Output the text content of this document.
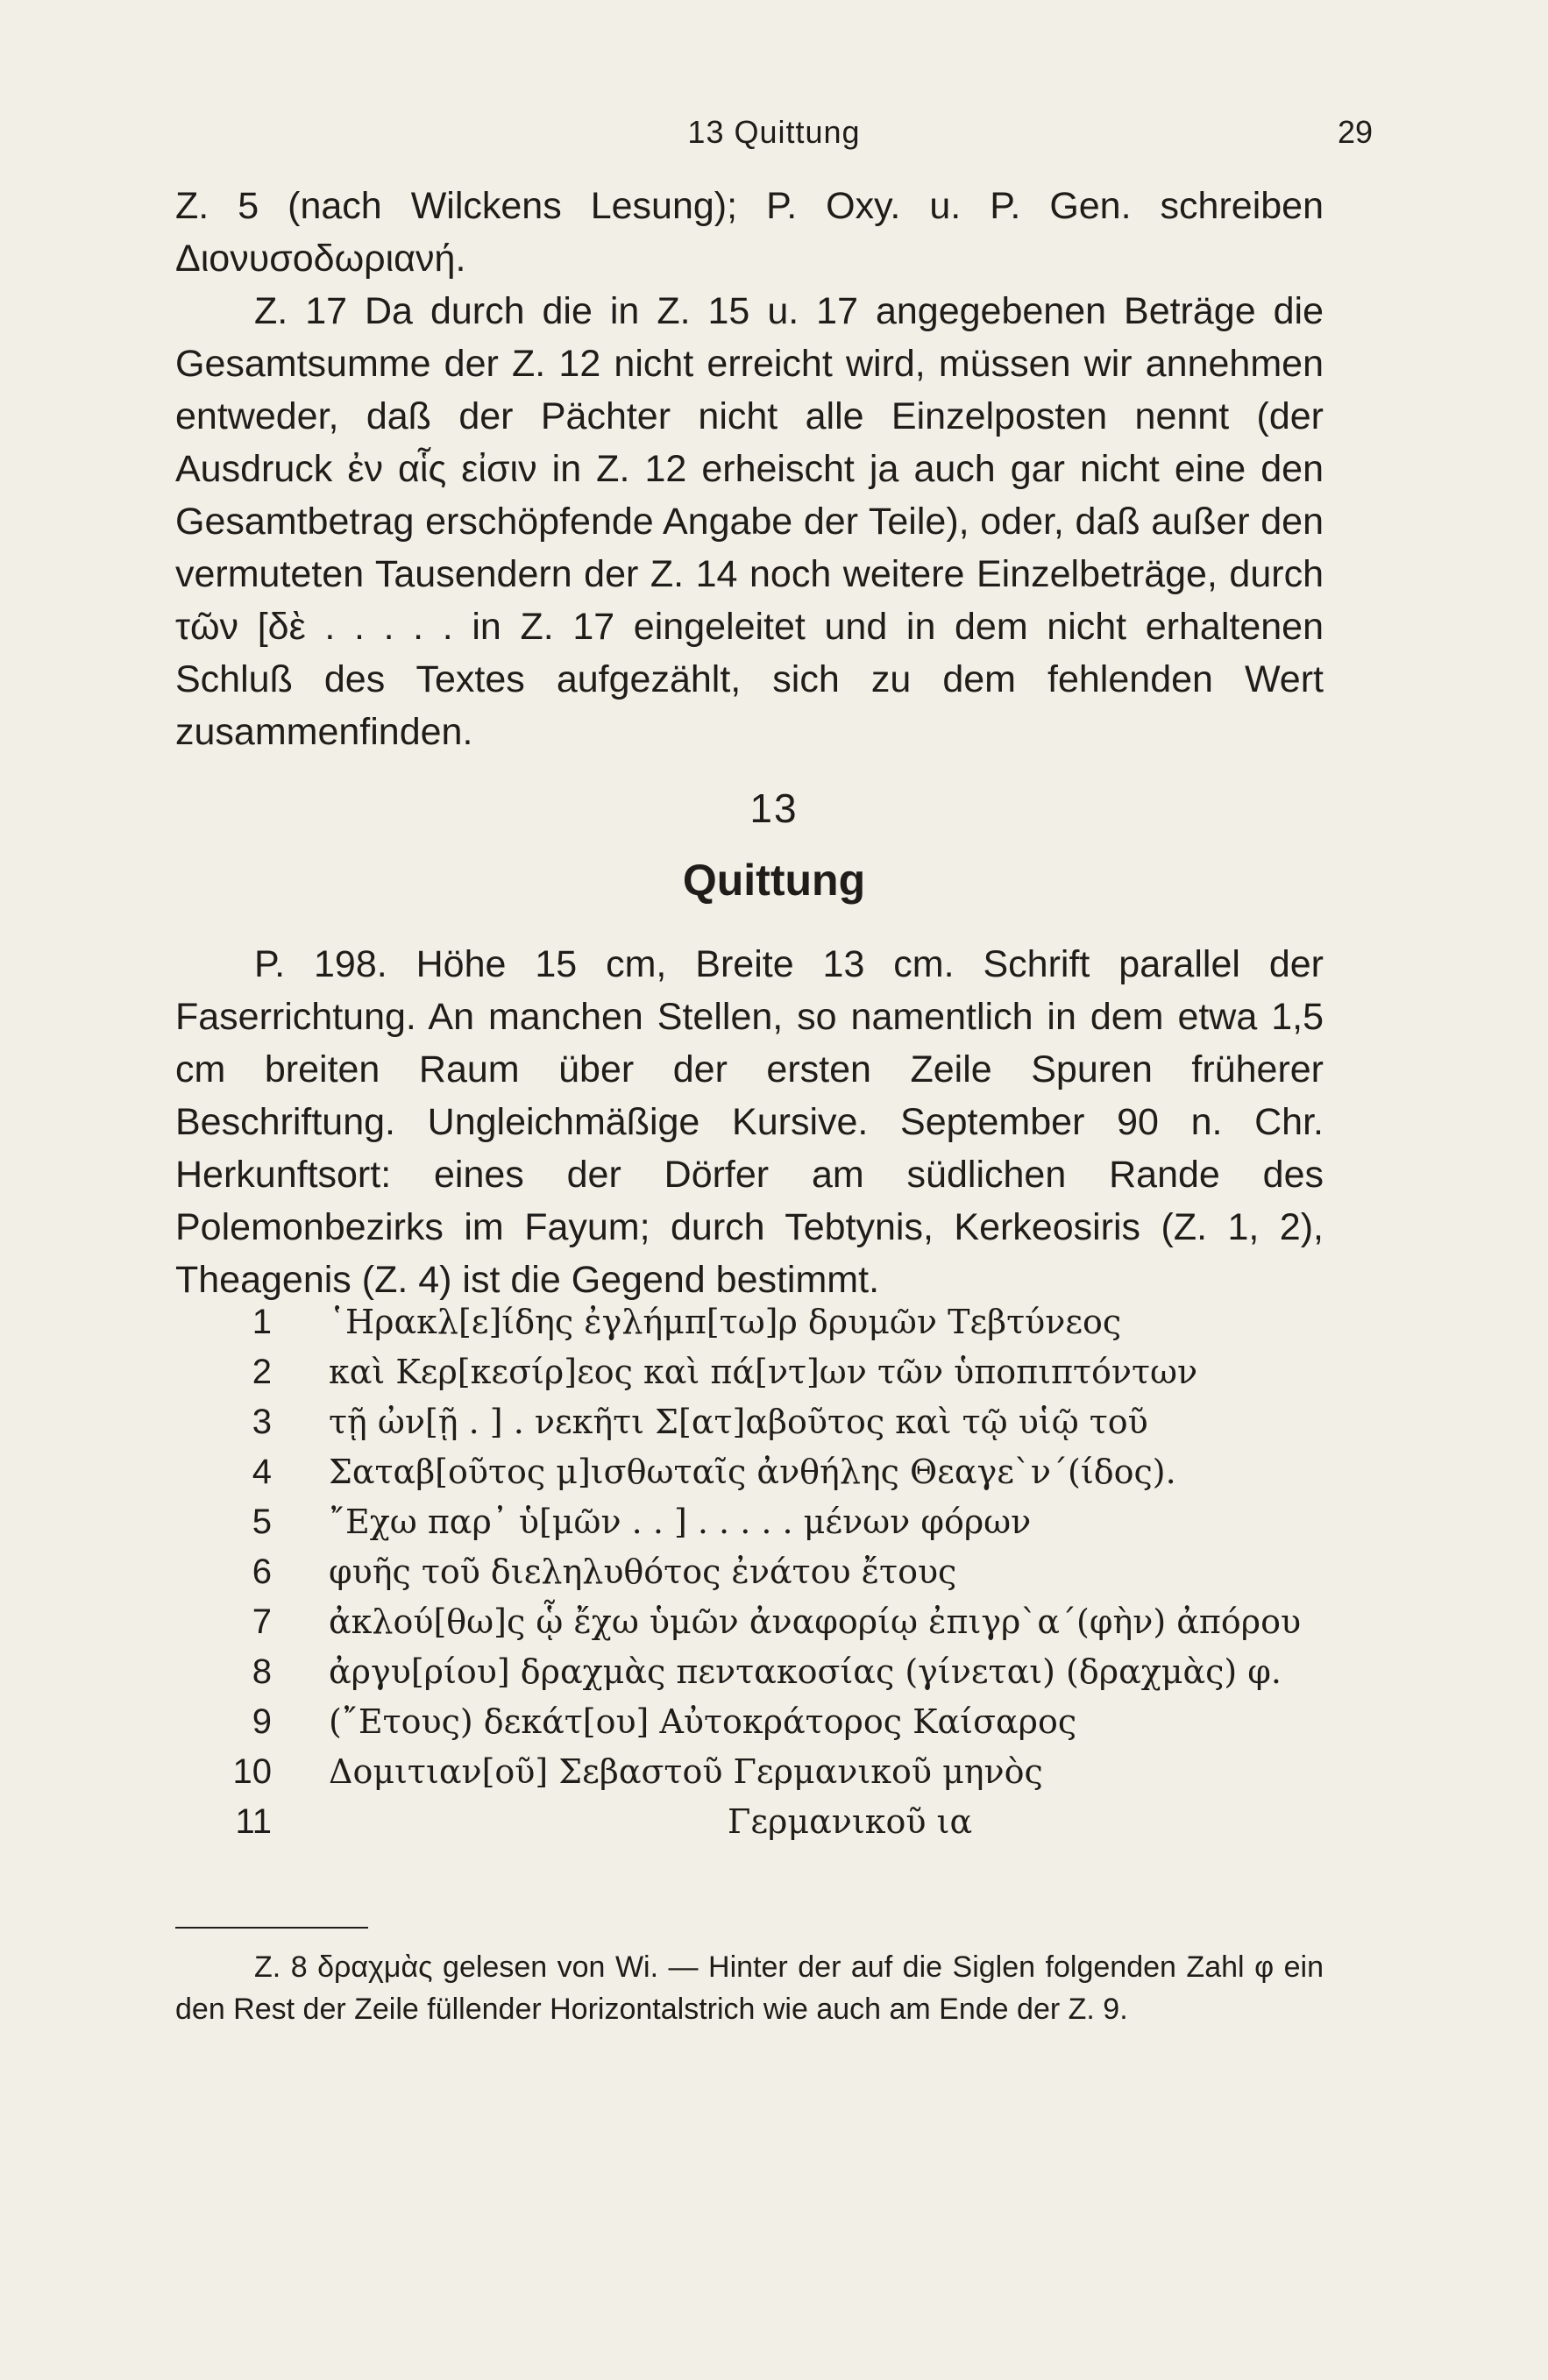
13 Quittung	29

Z. 5 (nach Wilckens Lesung); P. Oxy. u. P. Gen. schreiben Διονυσοδωριανή.

Z. 17 Da durch die in Z. 15 u. 17 angegebenen Beträge die Gesamtsumme der Z. 12 nicht erreicht wird, müssen wir annehmen entweder, daß der Pächter nicht alle Einzelposten nennt (der Ausdruck ἐν αἷς εἰσιν in Z. 12 erheischt ja auch gar nicht eine den Gesamtbetrag erschöpfende Angabe der Teile), oder, daß außer den vermuteten Tausendern der Z. 14 noch weitere Einzelbeträge, durch τῶν [δὲ . . . . . in Z. 17 eingeleitet und in dem nicht erhaltenen Schluß des Textes aufgezählt, sich zu dem fehlenden Wert zusammenfinden.

13
Quittung

P. 198. Höhe 15 cm, Breite 13 cm. Schrift parallel der Faserrichtung. An manchen Stellen, so namentlich in dem etwa 1,5 cm breiten Raum über der ersten Zeile Spuren früherer Beschriftung. Ungleichmäßige Kursive. September 90 n. Chr. Herkunftsort: eines der Dörfer am südlichen Rande des Polemonbezirks im Fayum; durch Tebtynis, Kerkeosiris (Z. 1, 2), Theagenis (Z. 4) ist die Gegend bestimmt.

1 ῾Ηρακλ[ε]ίδης ἐγλήμπ[τω]ρ δρυμῶν Τεβτύνεος
2 καὶ Κερ[κεσίρ]εος καὶ πά[ντ]ων τῶν ὑποπιπτόντων
3 τῇ ὠν[ῇ . ] . νεκῆτι Σ[ατ]αβοῦτος καὶ τῷ υἱῷ τοῦ
4 Σαταβ[οῦτος μ]ισθωταῖς ἀνθήλης Θεαγε`ν´(ίδος).
5 ῎Εχω παρ᾽ ὑ[μῶν . . ] . . . . . μένων φόρων
6 φυῆς τοῦ διεληλυθότος ἐνάτου ἔτους
7 ἀκλού[θω]ς ᾧ ἔχω ὑμῶν ἀναφορίῳ ἐπιγρ`α´(φὴν) ἀπόρου
8 ἀργυ[ρίου] δραχμὰς πεντακοσίας (γίνεται) (δραχμὰς) φ.
9 (῎Ετους) δεκάτ[ου] Αὐτοκράτορος Καίσαρος
10 Δομιτιαν[οῦ] Σεβαστοῦ Γερμανικοῦ μηνὸς
11	Γερμανικοῦ ια

Z. 8 δραχμὰς gelesen von Wi. — Hinter der auf die Siglen folgenden Zahl φ ein den Rest der Zeile füllender Horizontalstrich wie auch am Ende der Z. 9.
